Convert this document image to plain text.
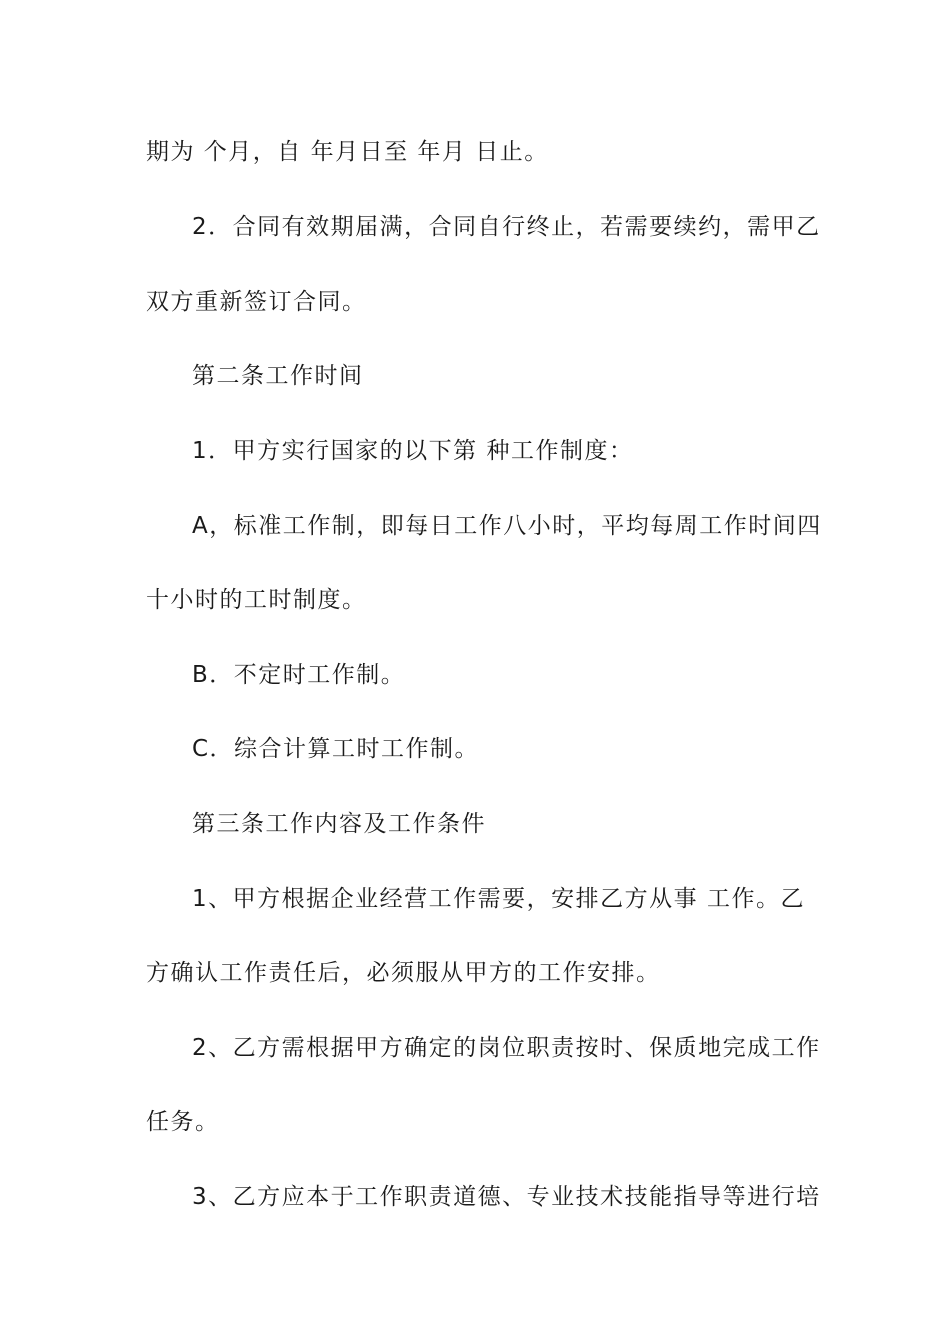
期为 个月，自 年月日至 年月 日止。
2．合同有效期届满，合同自行终止，若需要续约，需甲乙
双方重新签订合同。
第二条工作时间
1．甲方实行国家的以下第 种工作制度：
A，标准工作制，即每日工作八小时，平均每周工作时间四
十小时的工时制度。
B．不定时工作制。
C．综合计算工时工作制。
第三条工作内容及工作条件
1、甲方根据企业经营工作需要，安排乙方从事 工作。乙
方确认工作责任后，必须服从甲方的工作安排。
2、乙方需根据甲方确定的岗位职责按时、保质地完成工作
任务。
3、乙方应本于工作职责道德、专业技术技能指导等进行培
